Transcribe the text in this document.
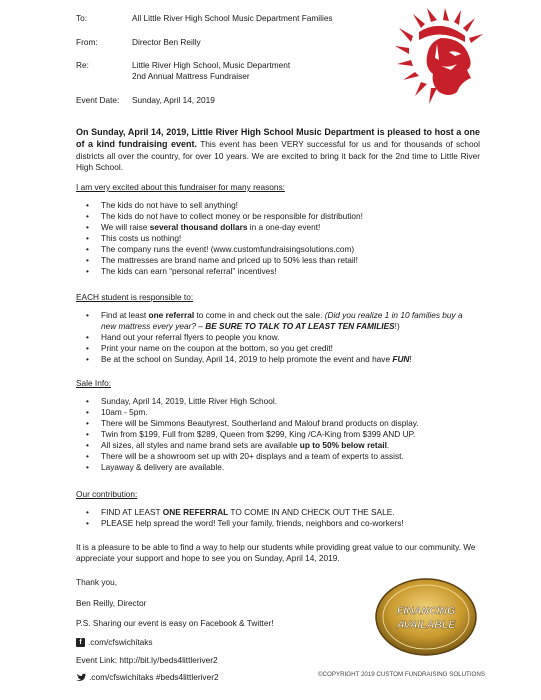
To:	All Little River High School Music Department Families
From:	Director Ben Reilly
Re:	Little River High School, Music Department
2nd Annual Mattress Fundraiser
Event Date: Sunday, April 14, 2019
On Sunday, April 14, 2019, Little River High School Music Department is pleased to host a one of a kind fundraising event. This event has been VERY successful for us and for thousands of school districts all over the country, for over 10 years. We are excited to bring it back for the 2nd time to Little River High School.
I am very excited about this fundraiser for many reasons:
• The kids do not have to sell anything!
• The kids do not have to collect money or be responsible for distribution!
• We will raise several thousand dollars in a one-day event!
• This costs us nothing!
• The company runs the event! (www.customfundraisingsolutions.com)
• The mattresses are brand name and priced up to 50% less than retail!
• The kids can earn “personal referral” incentives!
EACH student is responsible to:
• Find at least one referral to come in and check out the sale. (Did you realize 1 in 10 families buy a new mattress every year? – BE SURE TO TALK TO AT LEAST TEN FAMILIES!)
• Hand out your referral flyers to people you know.
• Print your name on the coupon at the bottom, so you get credit!
• Be at the school on Sunday, April 14, 2019 to help promote the event and have FUN!
Sale Info:
• Sunday, April 14, 2019, Little River High School.
• 10am - 5pm.
• There will be Simmons Beautyrest, Southerland and Malouf brand products on display.
• Twin from $199, Full from $289, Queen from $299, King /CA-King from $399 AND UP.
• All sizes, all styles and name brand sets are available up to 50% below retail.
• There will be a showroom set up with 20+ displays and a team of experts to assist.
• Layaway & delivery are available.
Our contribution:
• FIND AT LEAST ONE REFERRAL TO COME IN AND CHECK OUT THE SALE.
• PLEASE help spread the word! Tell your family, friends, neighbors and co-workers!
It is a pleasure to be able to find a way to help our students while providing great value to our community. We appreciate your support and hope to see you on Sunday, April 14, 2019.
Thank you,
Ben Reilly, Director
P.S. Sharing our event is easy on Facebook & Twitter!
f .com/cfswichitaks
Event Link: http://bit.ly/beds4littleriver2
.com/cfswichitaks #beds4littleriver2	©COPYRIGHT 2019 CUSTOM FUNDRAISING SOLUTIONS
FINANCING
AVAILABLE
